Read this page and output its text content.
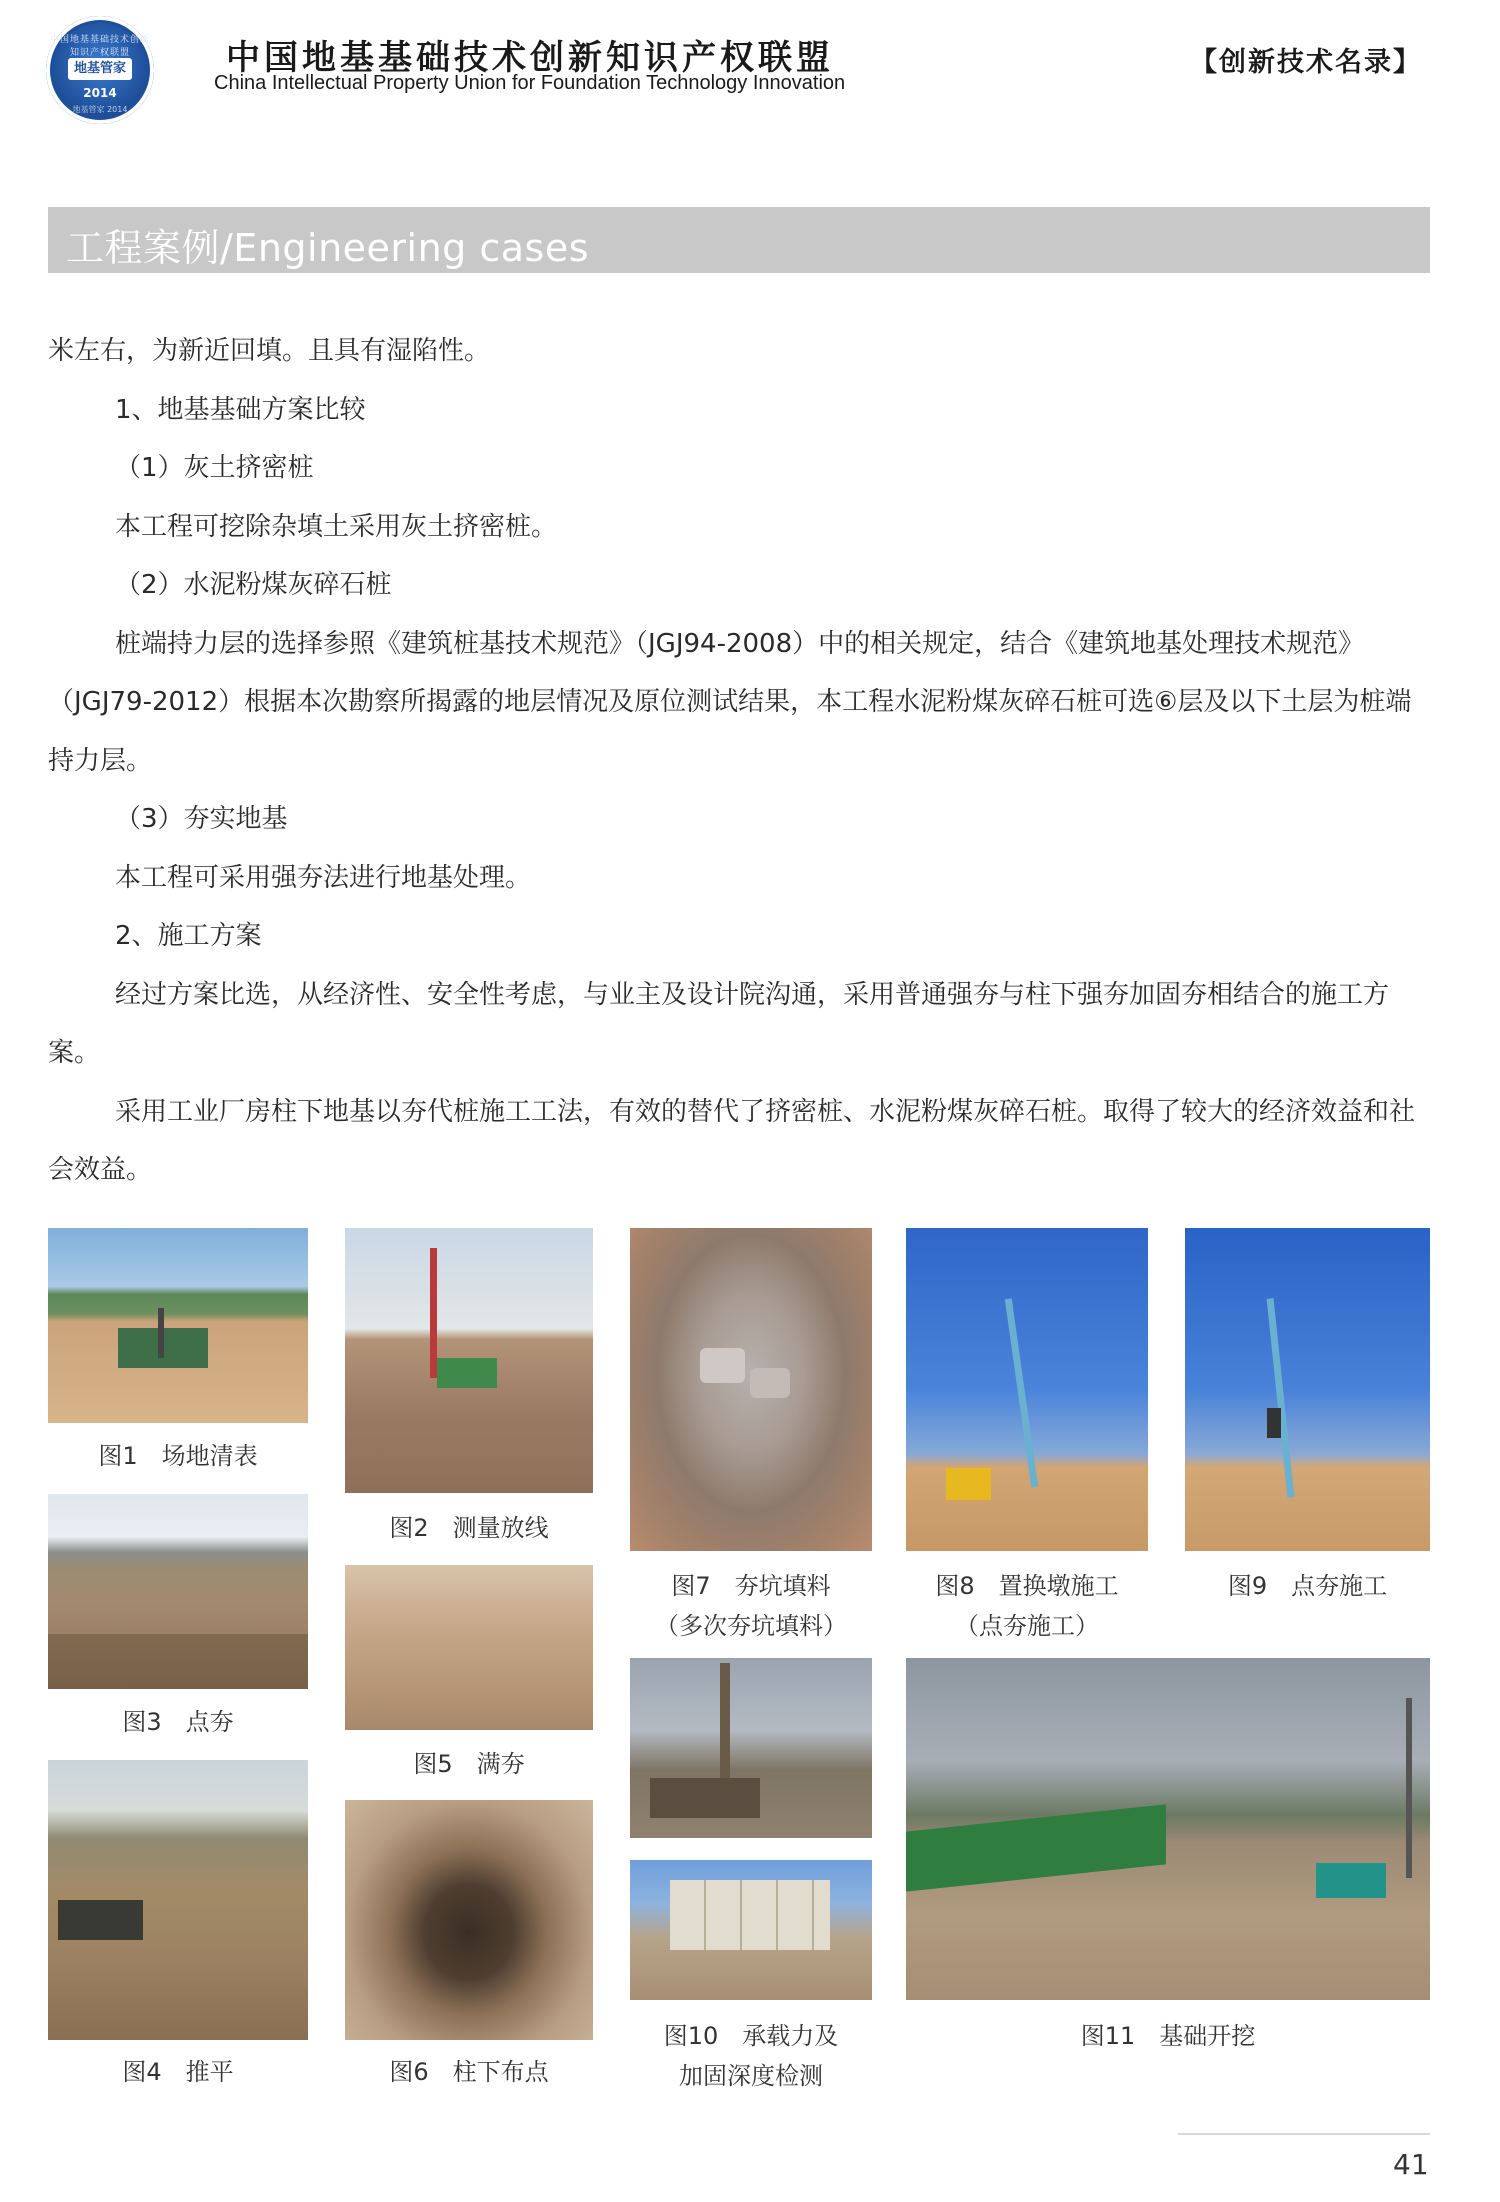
中国地基基础技术创新知识产权联盟
地基管家
2014
地基管家 2014
中国地基基础技术创新知识产权联盟
China Intellectual Property Union for Foundation Technology Innovation
【创新技术名录】
工程案例/Engineering cases

米左右，为新近回填。且具有湿陷性。

1、地基基础方案比较

（1）灰土挤密桩

本工程可挖除杂填土采用灰土挤密桩。

（2）水泥粉煤灰碎石桩

桩端持力层的选择参照《建筑桩基技术规范》（JGJ94-2008）中的相关规定，结合《建筑地基处理技术规范》（JGJ79-2012）根据本次勘察所揭露的地层情况及原位测试结果，本工程水泥粉煤灰碎石桩可选⑥层及以下土层为桩端持力层。

（3）夯实地基

本工程可采用强夯法进行地基处理。

2、施工方案

经过方案比选，从经济性、安全性考虑，与业主及设计院沟通，采用普通强夯与柱下强夯加固夯相结合的施工方案。

采用工业厂房柱下地基以夯代桩施工工法，有效的替代了挤密桩、水泥粉煤灰碎石桩。取得了较大的经济效益和社会效益。

图1　场地清表
图3　点夯
图4　推平
图2　测量放线
图5　满夯
图6　柱下布点
图7　夯坑填料
（多次夯坑填料）
图10　承载力及
加固深度检测
图8　置换墩施工
（点夯施工）
图9　点夯施工
图11　基础开挖
41
